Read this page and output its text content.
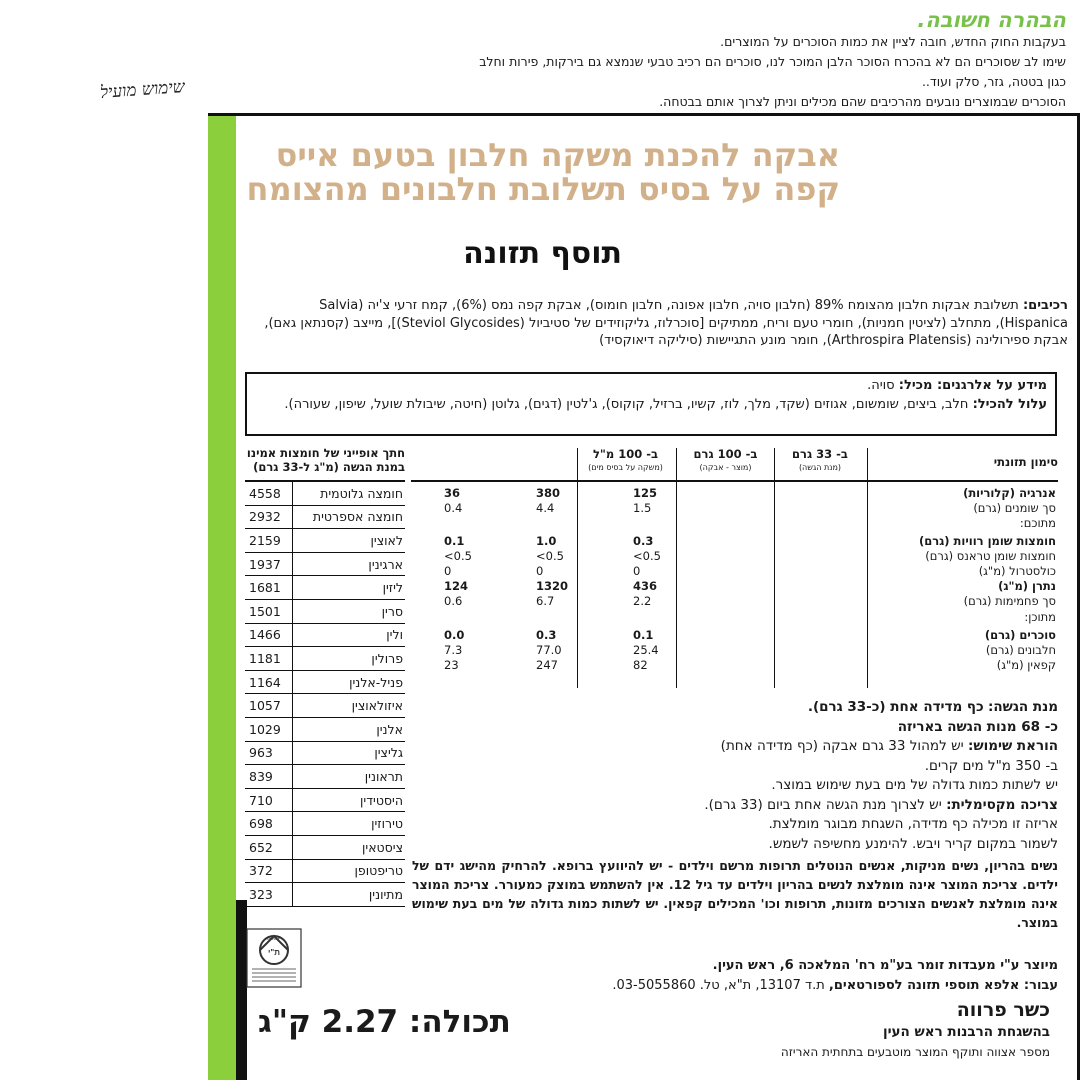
הבהרה חשובה.

בעקבות החוק החדש, חובה לציין את כמות הסוכרים על המוצרים.

שימו לב שסוכרים הם לא בהכרח הסוכר הלבן המוכר לנו, סוכרים הם רכיב טבעי שנמצא גם בירקות, פירות וחלב

כגון בטטה, גזר, סלק ועוד..

הסוכרים שבמוצרים נובעים מהרכיבים שהם מכילים וניתן לצרוך אותם בבטחה.

שימוש מועיל
אבקה להכנת משקה חלבון בטעם אייס
קפה על בסיס תשלובת חלבונים מהצומח
תוסף תזונה
רכיבים: תשלובת אבקות חלבון מהצומח 89% (חלבון סויה, חלבון אפונה, חלבון חומוס), אבקת קפה נמס (6%), קמח זרעי צ'יה (Salvia Hispanica), מתחלב (לציטין חמניות), חומרי טעם וריח, ממתיקים [סוכרלוז, גליקוזידים של סטיביול (Steviol Glycosides)], מייצב (קסנתאן גאם), אבקת ספירולינה (Arthrospira Platensis), חומר מונע התגיישות (סיליקה דיאוקסיד)
מידע על אלרגנים: מכיל: סויה.
עלול להכיל: חלב, ביצים, שומשום, אגוזים (שקד, מלך, לוז, קשיו, ברזיל, קוקוס), ג'לטין (דגים), גלוטן (חיטה, שיבולת שועל, שיפון, שעורה).
סימון תזונתי
ב- 33 גרם
(מנת הגשה)
ב- 100 גרם
(מוצר - אבקה)
ב- 100 מ"ל
(משקה על בסיס מים)
אנרגיה (קלוריות)
125
380
36
סך שומנים (גרם)
1.5
4.4
0.4
מתוכם:
חומצות שומן רוויות (גרם)
0.3
1.0
0.1
חומצות שומן טראנס (גרם)
<0.5
<0.5
<0.5
כולסטרול (מ"ג)
0
0
0
נתרן (מ"ג)
436
1320
124
סך פחמימות (גרם)
2.2
6.7
0.6
מתוכן:
סוכרים (גרם)
0.1
0.3
0.0
חלבונים (גרם)
25.4
77.0
7.3
קפאין (מ"ג)
82
247
23
חתך אופייני של חומצות אמינו במנת הגשה (מ"ג ל-33 גרם)
חומצה גלוטמית
4558
חומצה אספרטית
2932
לאוצין
2159
ארגינין
1937
ליזין
1681
סרין
1501
ולין
1466
פרולין
1181
פניל-אלנין
1164
איזולאוצין
1057
אלנין
1029
גליצין
963
תראונין
839
היסטידין
710
טירוזין
698
ציסטאין
652
טריפטופן
372
מתיונין
323
מנת הגשה: כף מדידה אחת (כ-33 גרם).
כ- 68 מנות הגשה באריזה
הוראת שימוש: יש למהול 33 גרם אבקה (כף מדידה אחת)
ב- 350 מ"ל מים קרים.
יש לשתות כמות גדולה של מים בעת שימוש במוצר.
צריכה מקסימלית: יש לצרוך מנת הגשה אחת ביום (33 גרם).
אריזה זו מכילה כף מדידה, השגחת מבוגר מומלצת.
לשמור במקום קריר ויבש. להימנע מחשיפה לשמש.
נשים בהריון, נשים מניקות, אנשים הנוטלים תרופות מרשם וילדים - יש להיוועץ ברופא. להרחיק מהישג ידם של ילדים. צריכת המוצר אינה מומלצת לנשים בהריון וילדים עד גיל 12. אין להשתמש במוצק כמעורר. צריכת המוצר אינה מומלצת לאנשים הצורכים מזונות, תרופות וכו' המכילים קפאין. יש לשתות כמות גדולה של מים בעת שימוש במוצר.
מיוצר ע"י מעבדות זומר בע"מ רח' המלאכה 6, ראש העין.
עבור: אלפא תוספי תזונה לספורטאים, ת.ד 13107, ת"א, טל. 03-5055860.
כשר פרווה
בהשגחת הרבנות ראש העין
מספר אצווה ותוקף המוצר מוטבעים בתחתית האריזה
תכולה: 2.27 ק"ג
G.M.P
ת"י
